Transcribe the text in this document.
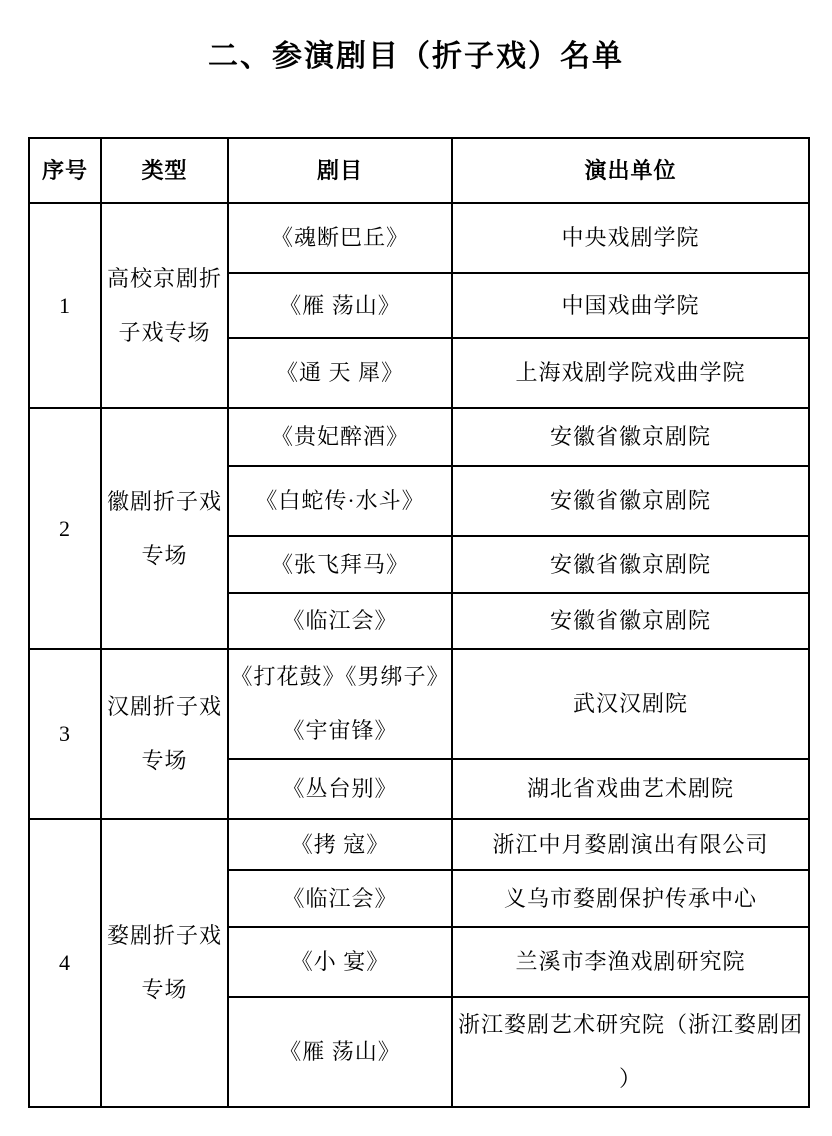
二、参演剧目（折子戏）名单
序号	类型	剧目	演出单位
1	高校京剧折子戏专场	《魂断巴丘》	中央戏剧学院
		《雁 荡山》	中国戏曲学院
		《通 天 犀》	上海戏剧学院戏曲学院
2	徽剧折子戏专场	《贵妃醉酒》	安徽省徽京剧院
		《白蛇传·水斗》	安徽省徽京剧院
		《张飞拜马》	安徽省徽京剧院
		《临江会》	安徽省徽京剧院
3	汉剧折子戏专场	《打花鼓》《男绑子》《宇宙锋》	武汉汉剧院
		《丛台别》	湖北省戏曲艺术剧院
4	婺剧折子戏专场	《拷 寇》	浙江中月婺剧演出有限公司
		《临江会》	义乌市婺剧保护传承中心
		《小 宴》	兰溪市李渔戏剧研究院
		《雁 荡山》	浙江婺剧艺术研究院（浙江婺剧团）
